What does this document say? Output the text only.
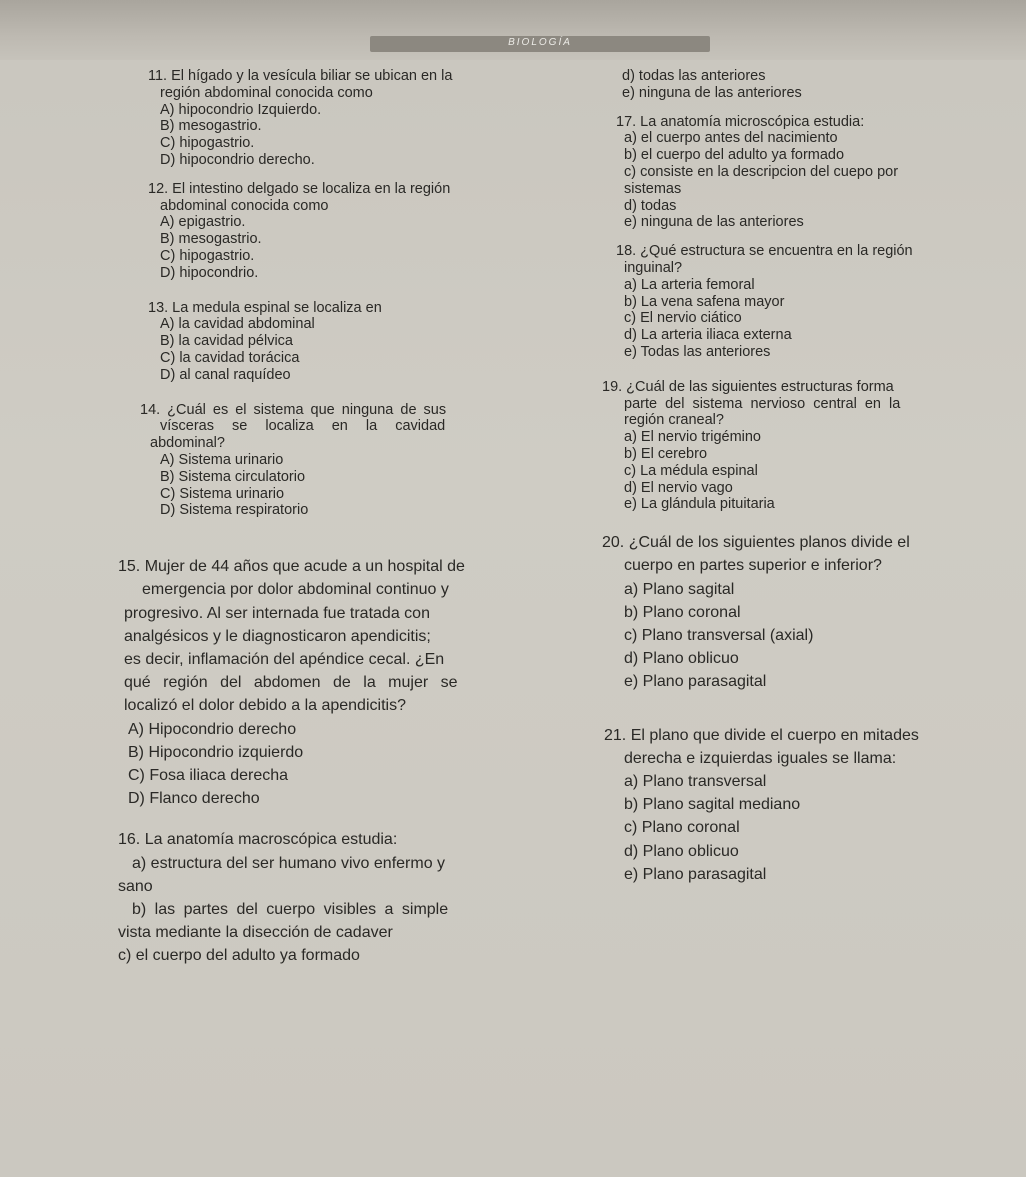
BIOLOGÍA

11. El hígado y la vesícula biliar se ubican en la

región abdominal conocida como

A) hipocondrio Izquierdo.

B) mesogastrio.

C) hipogastrio.

D) hipocondrio derecho.

12. El intestino delgado se localiza en la región

abdominal conocida como

A) epigastrio.

B) mesogastrio.

C) hipogastrio.

D) hipocondrio.

13. La medula espinal se localiza en

A) la cavidad abdominal

B) la cavidad pélvica

C) la cavidad torácica

D) al canal raquídeo

14. ¿Cuál es el sistema que ninguna de sus

vísceras se localiza en la cavidad

abdominal?

A) Sistema urinario

B) Sistema circulatorio

C) Sistema urinario

D) Sistema respiratorio

15. Mujer de 44 años que acude a un hospital de

emergencia por dolor abdominal continuo y

progresivo. Al ser internada fue tratada con

analgésicos y le diagnosticaron apendicitis;

es decir, inflamación del apéndice cecal. ¿En

qué región del abdomen de la mujer se

localizó el dolor debido a la apendicitis?

A) Hipocondrio derecho

B) Hipocondrio izquierdo

C) Fosa iliaca derecha

D) Flanco derecho

16. La anatomía macroscópica estudia:

a) estructura del ser humano vivo enfermo y

sano

b) las partes del cuerpo visibles a simple

vista mediante la disección de cadaver

c) el cuerpo del adulto ya formado

d) todas las anteriores

e) ninguna de las anteriores

17. La anatomía microscópica estudia:

a) el cuerpo antes del nacimiento

b) el cuerpo del adulto ya formado

c) consiste en la descripcion del cuepo por

sistemas

d) todas

e) ninguna de las anteriores

18. ¿Qué estructura se encuentra en la región

inguinal?

a) La arteria femoral

b) La vena safena mayor

c) El nervio ciático

d) La arteria iliaca externa

e) Todas las anteriores

19. ¿Cuál de las siguientes estructuras forma

parte del sistema nervioso central en la

región craneal?

a) El nervio trigémino

b) El cerebro

c) La médula espinal

d) El nervio vago

e) La glándula pituitaria

20. ¿Cuál de los siguientes planos divide el

cuerpo en partes superior e inferior?

a) Plano sagital

b) Plano coronal

c) Plano transversal (axial)

d) Plano oblicuo

e) Plano parasagital

21. El plano que divide el cuerpo en mitades

derecha e izquierdas iguales se llama:

a) Plano transversal

b) Plano sagital mediano

c) Plano coronal

d) Plano oblicuo

e) Plano parasagital
